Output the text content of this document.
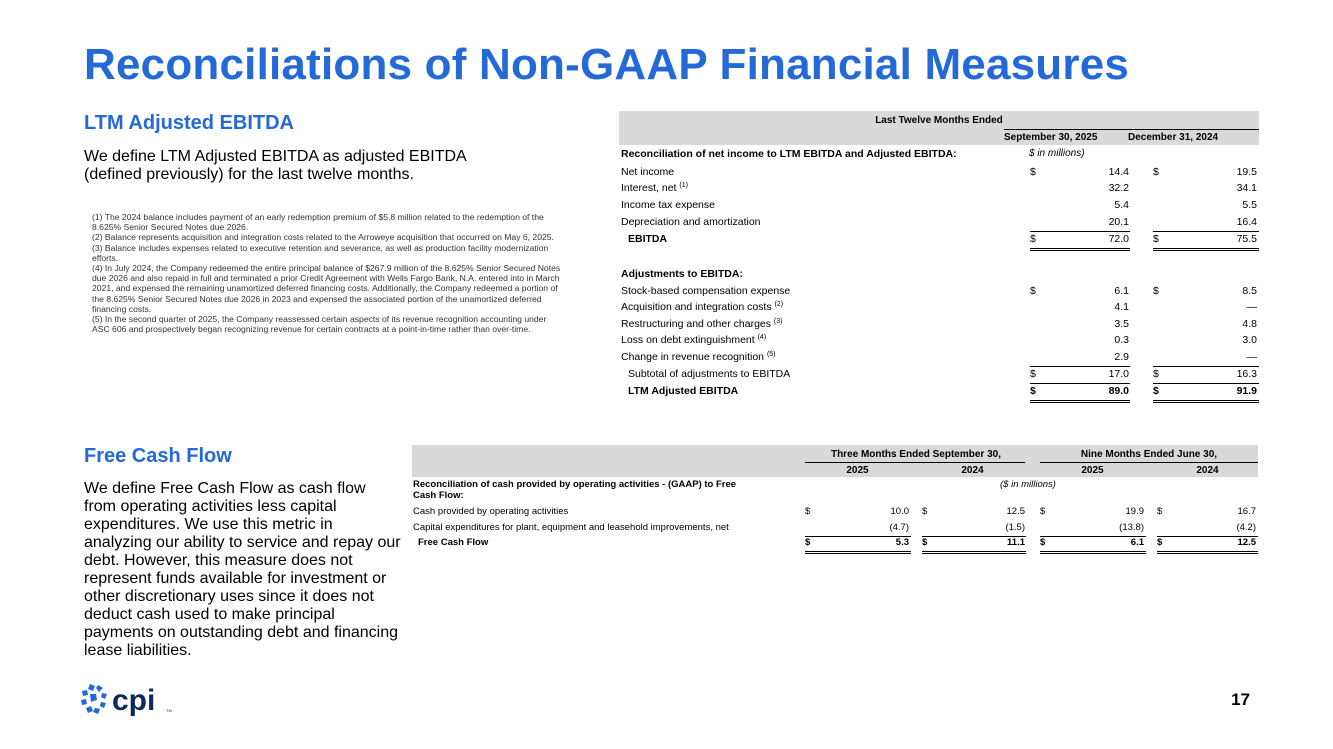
Reconciliations of Non-GAAP Financial Measures
LTM Adjusted EBITDA
We define LTM Adjusted EBITDA as adjusted EBITDA (defined previously) for the last twelve months.
(1) The 2024 balance includes payment of an early redemption premium of $5.8 million related to the redemption of the 8.625% Senior Secured Notes due 2026.
(2) Balance represents acquisition and integration costs related to the Arroweye acquisition that occurred on May 6, 2025.
(3) Balance includes expenses related to executive retention and severance, as well as production facility modernization efforts.
(4) In July 2024, the Company redeemed the entire principal balance of $267.9 million of the 8.625% Senior Secured Notes due 2026 and also repaid in full and terminated a prior Credit Agreement with Wells Fargo Bank, N.A. entered into in March 2021, and expensed the remaining unamortized deferred financing costs. Additionally, the Company redeemed a portion of the 8.625% Senior Secured Notes due 2026 in 2023 and expensed the associated portion of the unamortized deferred financing costs.
(5) In the second quarter of 2025, the Company reassessed certain aspects of its revenue recognition accounting under ASC 606 and prospectively began recognizing revenue for certain contracts at a point-in-time rather than over-time.
Last Twelve Months Ended
September 30, 2025	December 31, 2024
Reconciliation of net income to LTM EBITDA and Adjusted EBITDA:	$ in millions)
Net income	$	14.4 $	19.5
Interest, net $^{(1)}$	32.2	34.1
Income tax expense	5.4	5.5
Depreciation and amortization	20.1	16.4
EBITDA	$	72.0 $	75.5
Adjustments to EBITDA:
Stock-based compensation expense	$	6.1 $	8.5
Acquisition and integration costs $^{(2)}$	4.1	—
Restructuring and other charges $^{(3)}$	3.5	4.8
Loss on debt extinguishment $^{(4)}$	0.3	3.0
Change in revenue recognition $^{(5)}$	2.9	—
Subtotal of adjustments to EBITDA	$	17.0 $	16.3
LTM Adjusted EBITDA	$	89.0 $	91.9
Free Cash Flow
We define Free Cash Flow as cash flow from operating activities less capital expenditures. We use this metric in analyzing our ability to service and repay our debt. However, this measure does not represent funds available for investment or other discretionary uses since it does not deduct cash used to make principal payments on outstanding debt and financing lease liabilities.
Three Months Ended September 30,	Nine Months Ended June 30,
2025	2024	2025	2024
Reconciliation of cash provided by operating activities - (GAAP) to Free
Cash Flow:
($ in millions)
Cash provided by operating activities	$	10.0 $	12.5 $	19.9 $	16.7
Capital expenditures for plant, equipment and leasehold improvements, net	(4.7)	(1.5)	(13.8)	(4.2)
Free Cash Flow	$	5.3 $	11.1 $	6.1 $	12.5
cpi	TM
17
